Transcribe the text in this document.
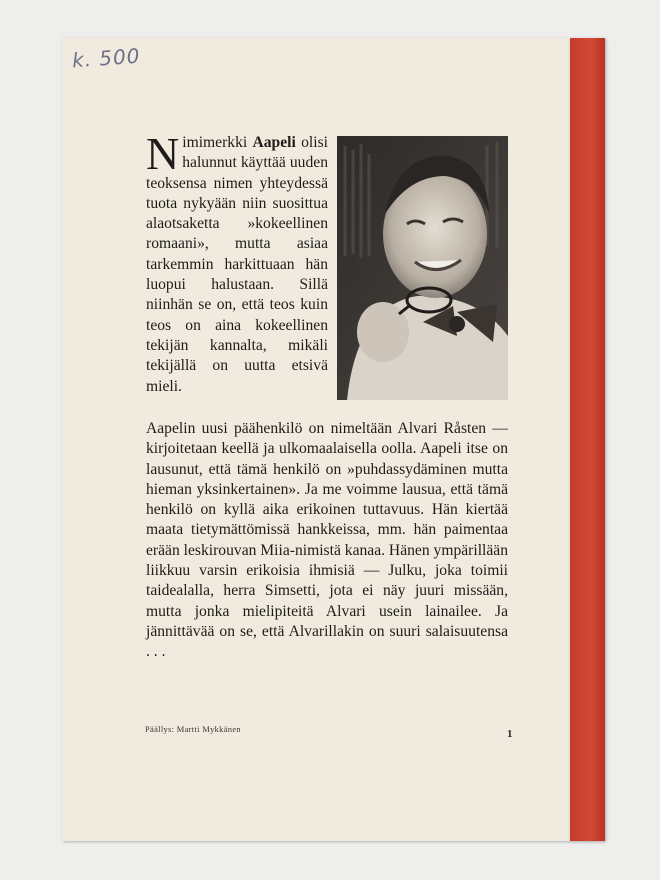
k. 500

Nimimerkki Aapeli olisi halunnut käyttää uuden teoksensa nimen yhteydessä tuota nykyään niin suosittua alaotsaketta »kokeellinen romaani», mutta asiaa tarkemmin harkittuaan hän luopui halustaan. Sillä niinhän se on, että teos kuin teos on aina kokeellinen tekijän kannalta, mikäli tekijällä on uutta etsivä mieli.

Aapelin uusi päähenkilö on nimeltään Alvari Råsten — kirjoitetaan keellä ja ulkomaalaisella oolla. Aapeli itse on lausunut, että tämä henkilö on »puhdassydäminen mutta hieman yksinkertainen». Ja me voimme lausua, että tämä henkilö on kyllä aika erikoinen tuttavuus. Hän kiertää maata tietymättömissä hankkeissa, mm. hän paimentaa erään leskirouvan Miia-nimistä kanaa. Hänen ympärillään liikkuu varsin erikoisia ihmisiä — Julku, joka toimii taidealalla, herra Simsetti, jota ei näy juuri missään, mutta jonka mielipiteitä Alvari usein lainailee. Ja jännittävää on se, että Alvarillakin on suuri salaisuutensa . . .

Päällys: Martti Mykkänen	1
